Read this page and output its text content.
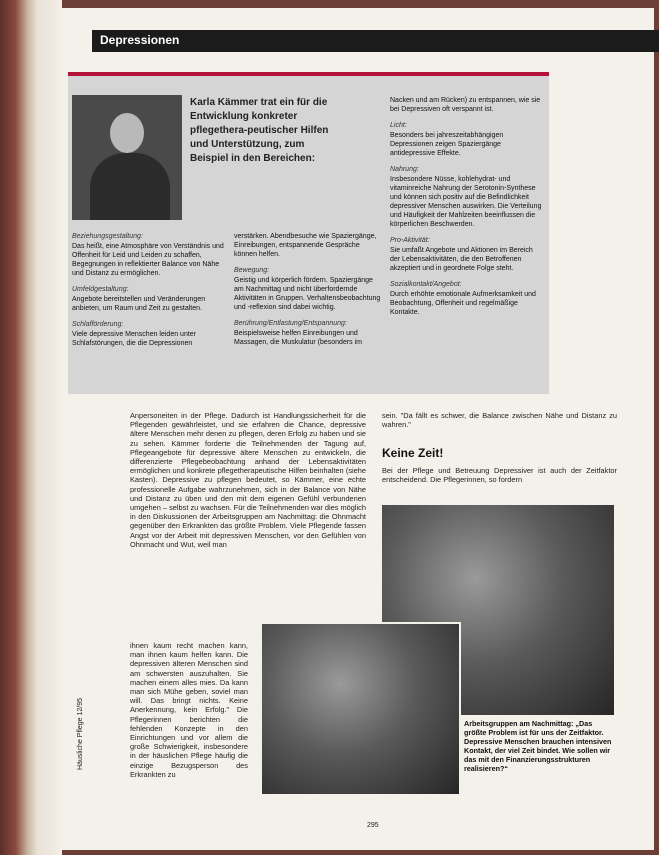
Depressionen
Beziehungsgestaltung:

Das heißt, eine Atmosphäre von Verständnis und Offenheit für Leid und Leiden zu schaffen, Begegnungen in reflektierter Balance von Nähe und Distanz zu ermöglichen.

Umfeldgestaltung:

Angebote bereitstellen und Veränderungen anbieten, um Raum und Zeit zu gestalten.

Schlafförderung:

Viele depressive Menschen leiden unter Schlafstörungen, die die Depressionen

verstärken. Abendbesuche wie Spaziergänge, Einreibungen, entspannende Gespräche können helfen.

Bewegung:

Geistig und körperlich fördern. Spaziergänge am Nachmittag und nicht überfordernde Aktivitäten in Gruppen. Verhaltensbeobachtung und -reflexion sind dabei wichtig.

Berührung/Entlastung/Entspannung:

Beispielsweise helfen Einreibungen und Massagen, die Muskulatur (besonders im

Nacken und am Rücken) zu entspannen, wie sie bei Depressiven oft verspannt ist.

Licht:

Besonders bei jahreszeitabhängigen Depressionen zeigen Spaziergänge antidepressive Effekte.

Nahrung:

Insbesondere Nüsse, kohlehydrat- und vitaminreiche Nahrung der Serotonin-Synthese und können sich positiv auf die Befindlichkeit depressiver Menschen auswirken. Die Verteilung und Häufigkeit der Mahlzeiten beeinflussen die körperlichen Beschwerden.

Pro-Aktivität:

Sie umfaßt Angebote und Aktionen im Bereich der Lebensaktivitäten, die den Betroffenen akzeptiert und in geordnete Folge steht.

Sozialkontakt/Angebot:

Durch erhöhte emotionale Aufmerksamkeit und Beobachtung, Offenheit und regelmäßige Kontakte.

Karla Kämmer trat ein für die Entwicklung konkreter pflegethera-peutischer Hilfen und Unterstützung, zum Beispiel in den Bereichen:
Anpersoneiten in der Pflege. Dadurch ist Handlungssicherheit für die Pflegenden gewährleistet, und sie erfahren die Chance, depressive ältere Menschen mehr denen zu pflegen, deren Erfolg zu haben und sie zu sehen. Kämmer forderte die Teilnehmenden der Tagung auf, Pflegeangebote für depressive ältere Menschen zu entwickeln, die differenzierte Pflegebeobachtung anhand der Lebensaktivitäten ermöglichen und konkrete pflegetherapeutische Hilfen beinhalten (siehe Kasten). Depressive zu pflegen bedeutet, so Kämmer, eine echte professionelle Aufgabe wahrzunehmen, sich in der Balance von Nähe und Distanz zu üben und den mit dem eigenen Gefühl verbundenen umgehen – selbst zu wachsen. Für die Teilnehmenden war dies möglich in den Diskussionen der Arbeitsgruppen am Nachmittag: die Ohnmacht gegenüber den Erkrankten das größte Problem. Viele Pflegende fassen Angst vor der Arbeit mit depressiven Menschen, vor den Gefühlen von Ohnmacht und Wut, weil man
ihnen kaum recht machen kann, man ihnen kaum helfen kann. Die depressiven älteren Menschen sind am schwersten auszuhalten. Sie machen einem alles mies. Da kann man sich Mühe geben, soviel man will. Das bringt nichts. Keine Anerkennung, kein Erfolg." Die Pflegerinnen berichten die fehlenden Konzepte in den Einrichtungen und vor allem die große Schwierigkeit, insbesondere in der häuslichen Pflege häufig die einzige Bezugsperson des Erkrankten zu
sein. "Da fällt es schwer, die Balance zwischen Nähe und Distanz zu wahren."
Keine Zeit!
Bei der Pflege und Betreuung Depressiver ist auch der Zeitfaktor entscheidend. Die Pflegerinnen, so fordern
Arbeitsgruppen am Nachmittag: „Das größte Problem ist für uns der Zeitfaktor. Depressive Menschen brauchen intensiven Kontakt, der viel Zeit bindet. Wie sollen wir das mit den Finanzierungsstrukturen realisieren?“
Häusliche Pflege 12/95
295
